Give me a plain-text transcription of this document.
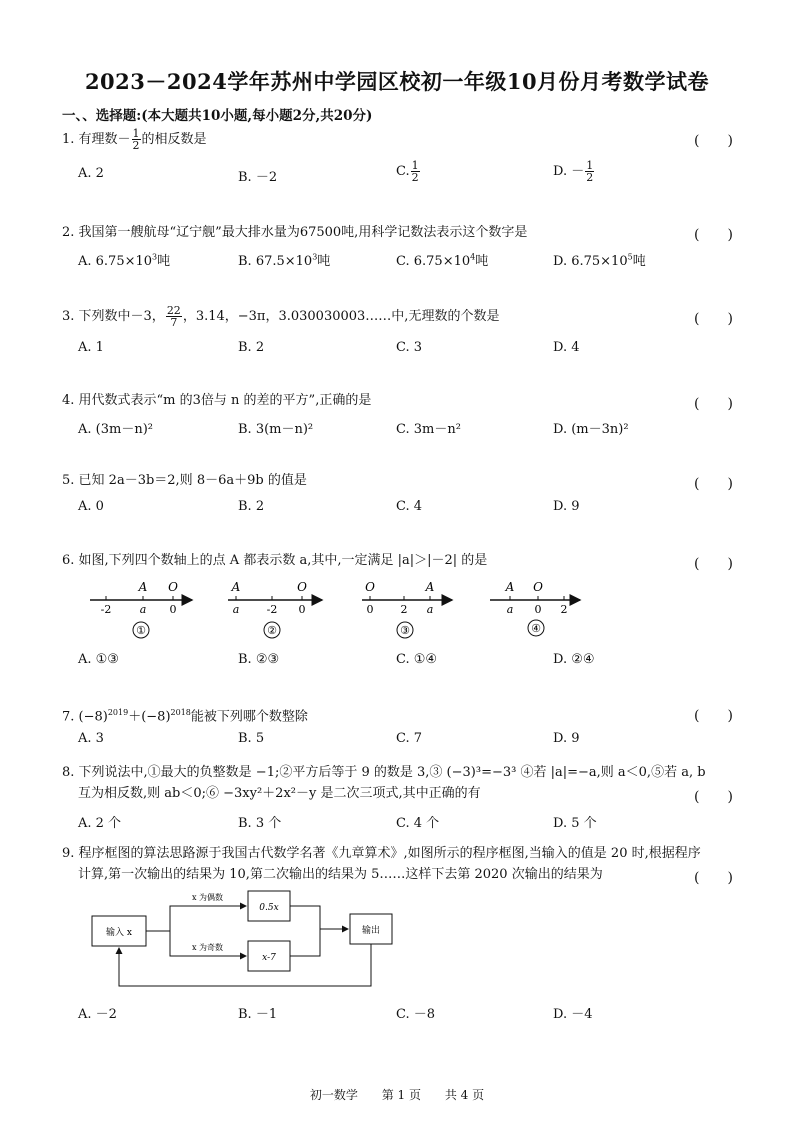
2023－2024学年苏州中学园区校初一年级10月份月考数学试卷
一、、选择题:(本大题共10小题,每小题2分,共20分)
1. 有理数－ $\frac{1}{2}$ 的相反数是	(　　)
A. 2	B. －2	C. $\frac{1}{2}$	D. － $\frac{1}{2}$
2. 我国第一艘航母“辽宁舰”最大排水量为67500吨,用科学记数法表示这个数字是	(　　)
A. $6.75\times 10^3$吨	B. $67.5\times 10^3$吨	C. $6.75\times 10^4$吨	D. $6.75\times 10^5$吨
3. 下列数中－3， $\frac{22}{7}$ ，3.14，−3π，3.030030003……中,无理数的个数是	(　　)
A. 1	B. 2	C. 3	D. 4
4. 用代数式表示“m 的3倍与 n 的差的平方”,正确的是	(　　)
A. (3m－n)²	B. 3(m－n)²	C. 3m－n²	D. (m－3n)²
5. 已知 2a－3b＝2,则 8－6a＋9b 的值是	(　　)
A. 0	B. 2	C. 4	D. 9
6. 如图,下列四个数轴上的点 A 都表示数 a,其中,一定满足 |a|＞|－2| 的是	(　　)
-2	a 0
A O
①
a -2 0
A	O
②
0 2 a
O	A
③
a 0 2
A O
④
A. ①③	B. ②③	C. ①④	D. ②④
7. $(-8)^{2019}+(-8)^{2018}$能被下列哪个数整除	(　　)
A. 3	B. 5	C. 7	D. 9
8. 下列说法中,①最大的负整数是 −1;②平方后等于 9 的数是 3,③ (−3)³=−3³ ④若 |a|=−a,则 a＜0,⑤若 a, b
互为相反数,则 ab＜0;⑥ −3xy²＋2x²－y 是二次三项式,其中正确的有	(　　)
A. 2 个	B. 3 个	C. 4 个	D. 5 个
9. 程序框图的算法思路源于我国古代数学名著《九章算术》,如图所示的程序框图,当输入的值是 20 时,根据程序
计算,第一次输出的结果为 10,第二次输出的结果为 5……这样下去第 2020 次输出的结果为	(　　)
输入 x
0.5x
x-7
输出
x 为偶数
x 为奇数
A. －2	B. －1	C. －8	D. －4
初一数学 第 1 页 共 4 页
